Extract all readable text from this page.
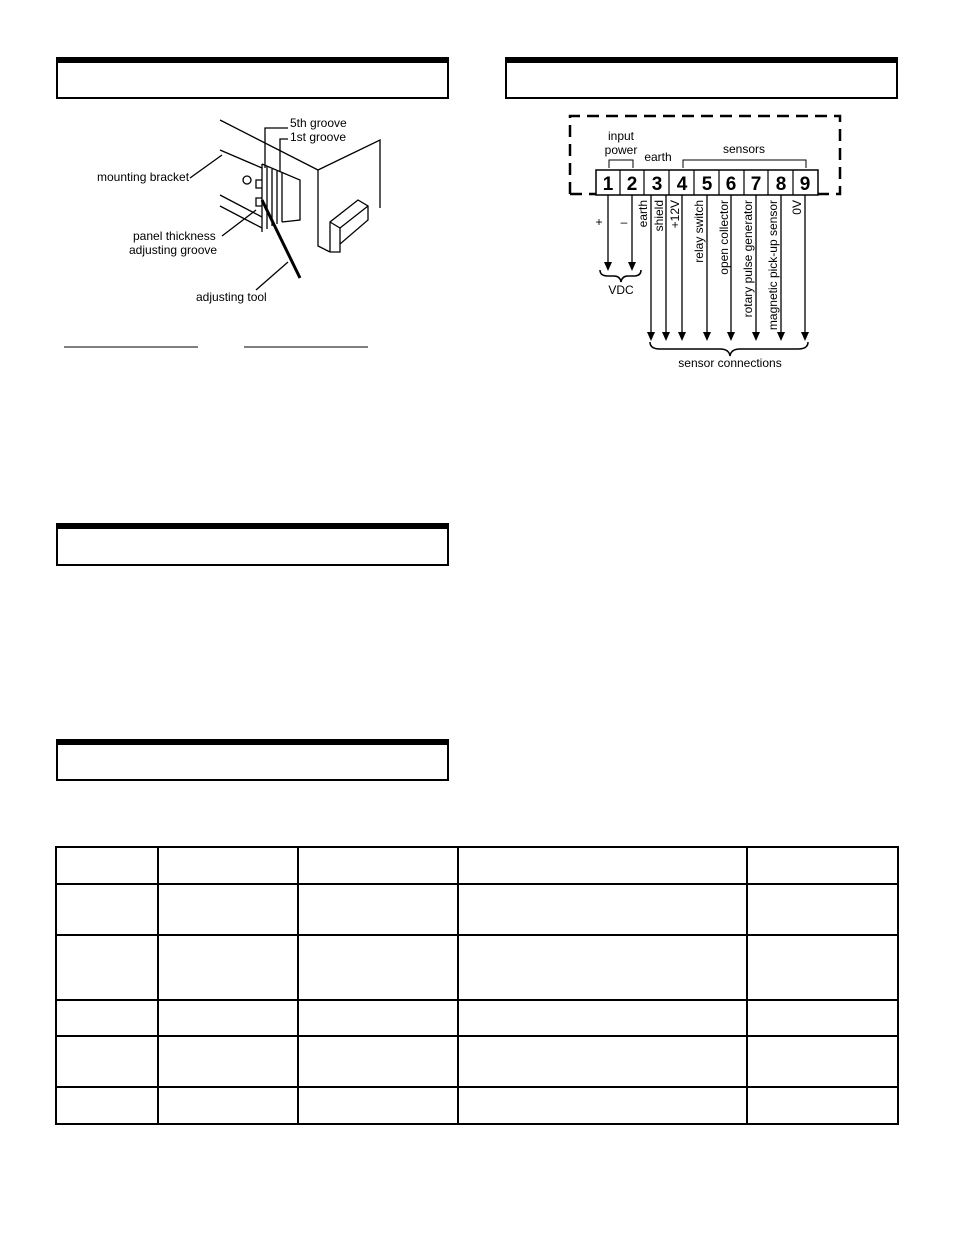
5th groove
1st groove
mounting bracket
panel thickness
adjusting groove
adjusting tool
1 2 3 4 5 6 7 8 9
input
power earth
sensors
+ – earth shield +12V relay switch open collector rotary pulse generator magnetic pick-up sensor 0V
VDC
sensor connections
